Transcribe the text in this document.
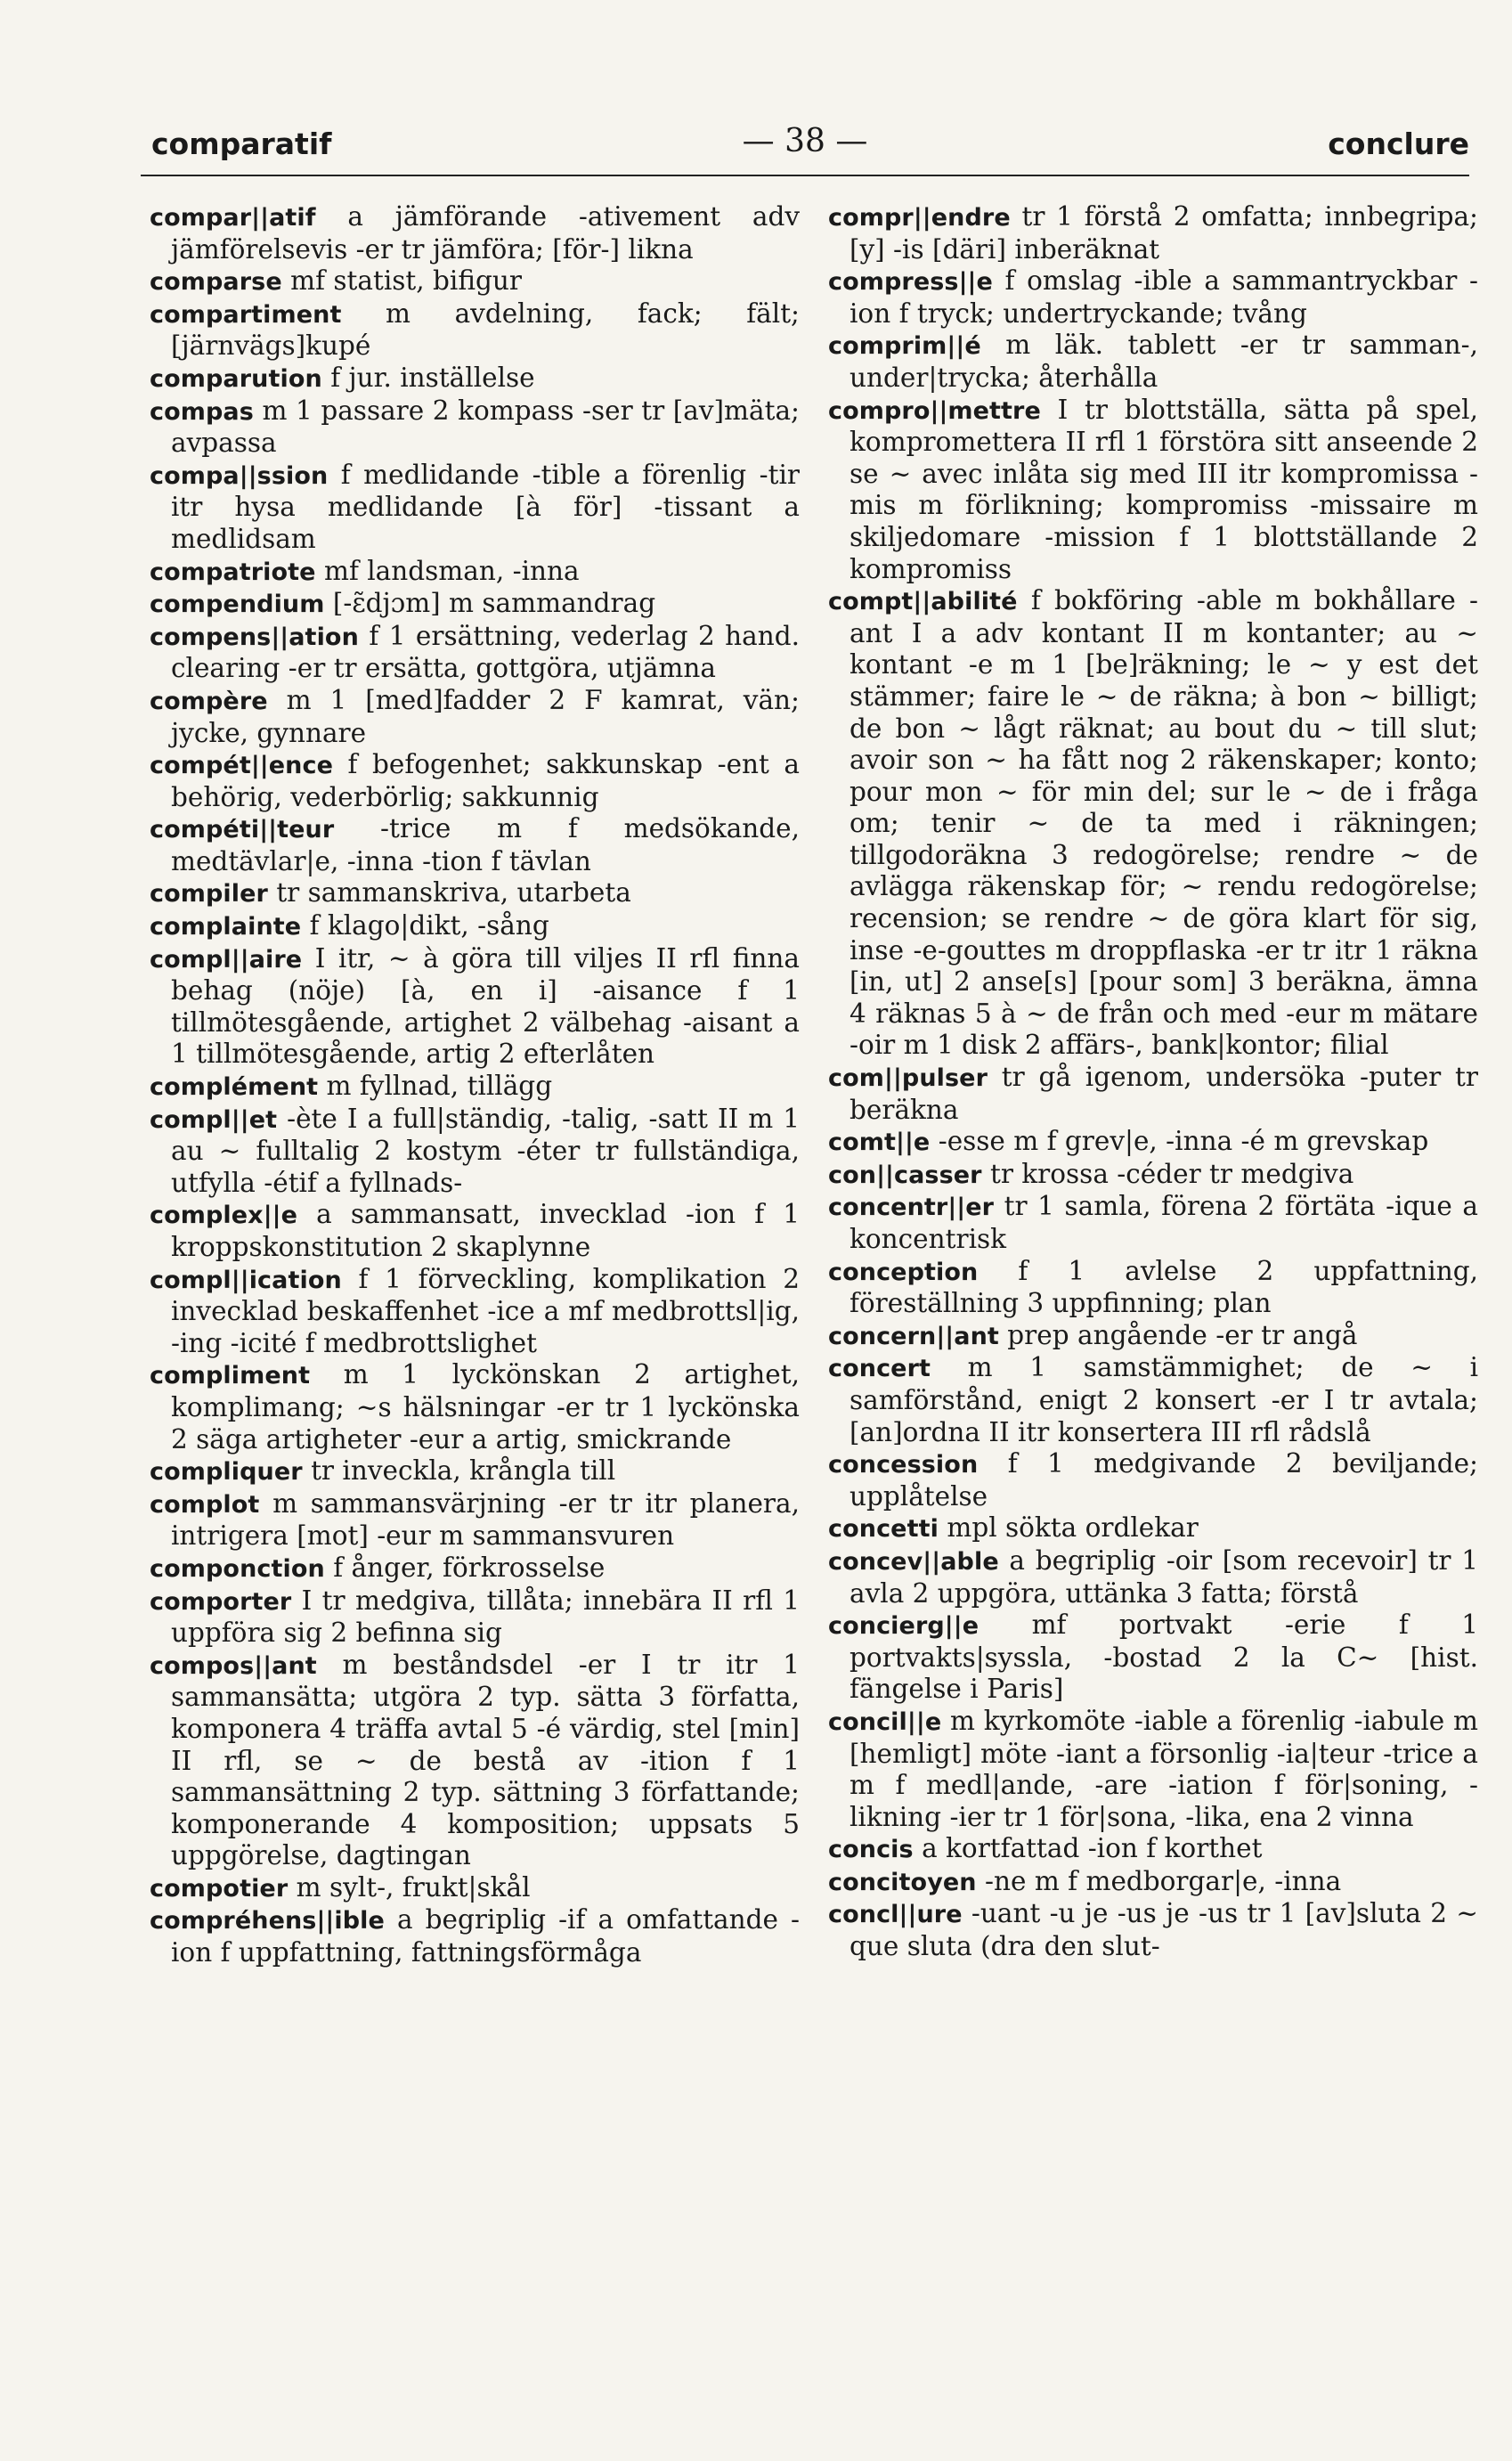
comparatif	— 38 —	conclure

compar||atif a jämförande -ativement adv jämförelsevis -er tr jämföra; [för-] likna

comparse mf statist, bifigur

compartiment m avdelning, fack; fält; [järnvägs]kupé

comparution f jur. inställelse

compas m 1 passare 2 kompass -ser tr [av]mäta; avpassa

compa||ssion f medlidande -tible a förenlig -tir itr hysa medlidande [à för] -tissant a medlidsam

compatriote mf landsman, -inna

compendium [-ɛ̃djɔm] m sammandrag

compens||ation f 1 ersättning, vederlag 2 hand. clearing -er tr ersätta, gottgöra, utjämna

compère m 1 [med]fadder 2 F kamrat, vän; jycke, gynnare

compét||ence f befogenhet; sakkunskap -ent a behörig, vederbörlig; sakkunnig

compéti||teur -trice m f medsökande, medtävlar|e, -inna -tion f tävlan

compiler tr sammanskriva, utarbeta

complainte f klago|dikt, -sång

compl||aire I itr, ~ à göra till viljes II rfl finna behag (nöje) [à, en i] -aisance f 1 tillmötesgående, artighet 2 välbehag -aisant a 1 tillmötesgående, artig 2 efterlåten

complément m fyllnad, tillägg

compl||et -ète I a full|ständig, -talig, -satt II m 1 au ~ fulltalig 2 kostym -éter tr fullständiga, utfylla -étif a fyllnads-

complex||e a sammansatt, invecklad -ion f 1 kroppskonstitution 2 skaplynne

compl||ication f 1 förveckling, komplikation 2 invecklad beskaffenhet -ice a mf medbrottsl|ig, -ing -icité f medbrottslighet

compliment m 1 lyckönskan 2 artighet, komplimang; ~s hälsningar -er tr 1 lyckönska 2 säga artigheter -eur a artig, smickrande

compliquer tr inveckla, krångla till

complot m sammansvärjning -er tr itr planera, intrigera [mot] -eur m sammansvuren

componction f ånger, förkrosselse

comporter I tr medgiva, tillåta; innebära II rfl 1 uppföra sig 2 befinna sig

compos||ant m beståndsdel -er I tr itr 1 sammansätta; utgöra 2 typ. sätta 3 författa, komponera 4 träffa avtal 5 -é värdig, stel [min] II rfl, se ~ de bestå av -ition f 1 sammansättning 2 typ. sättning 3 författande; komponerande 4 komposition; uppsats 5 uppgörelse, dagtingan

compotier m sylt-, frukt|skål

compréhens||ible a begriplig -if a omfattande -ion f uppfattning, fattningsförmåga

compr||endre tr 1 förstå 2 omfatta; innbegripa; [y] -is [däri] inberäknat

compress||e f omslag -ible a sammantryckbar -ion f tryck; undertryckande; tvång

comprim||é m läk. tablett -er tr samman-, under|trycka; återhålla

compro||mettre I tr blottställa, sätta på spel, kompromettera II rfl 1 förstöra sitt anseende 2 se ~ avec inlåta sig med III itr kompromissa -mis m förlikning; kompromiss -missaire m skiljedomare -mission f 1 blottställande 2 kompromiss

compt||abilité f bokföring -able m bokhållare -ant I a adv kontant II m kontanter; au ~ kontant -e m 1 [be]räkning; le ~ y est det stämmer; faire le ~ de räkna; à bon ~ billigt; de bon ~ lågt räknat; au bout du ~ till slut; avoir son ~ ha fått nog 2 räkenskaper; konto; pour mon ~ för min del; sur le ~ de i fråga om; tenir ~ de ta med i räkningen; tillgodoräkna 3 redogörelse; rendre ~ de avlägga räkenskap för; ~ rendu redogörelse; recension; se rendre ~ de göra klart för sig, inse -e-gouttes m droppflaska -er tr itr 1 räkna [in, ut] 2 anse[s] [pour som] 3 beräkna, ämna 4 räknas 5 à ~ de från och med -eur m mätare -oir m 1 disk 2 affärs-, bank|kontor; filial

com||pulser tr gå igenom, undersöka -puter tr beräkna

comt||e -esse m f grev|e, -inna -é m grevskap

con||casser tr krossa -céder tr medgiva

concentr||er tr 1 samla, förena 2 förtäta -ique a koncentrisk

conception f 1 avlelse 2 uppfattning, föreställning 3 uppfinning; plan

concern||ant prep angående -er tr angå

concert m 1 samstämmighet; de ~ i samförstånd, enigt 2 konsert -er I tr avtala; [an]ordna II itr konsertera III rfl rådslå

concession f 1 medgivande 2 beviljande; upplåtelse

concetti mpl sökta ordlekar

concev||able a begriplig -oir [som recevoir] tr 1 avla 2 uppgöra, uttänka 3 fatta; förstå

concierg||e mf portvakt -erie f 1 portvakts|syssla, -bostad 2 la C~ [hist. fängelse i Paris]

concil||e m kyrkomöte -iable a förenlig -iabule m [hemligt] möte -iant a försonlig -ia|teur -trice a m f medl|ande, -are -iation f för|soning, -likning -ier tr 1 för|sona, -lika, ena 2 vinna

concis a kortfattad -ion f korthet

concitoyen -ne m f medborgar|e, -inna

concl||ure -uant -u je -us je -us tr 1 [av]sluta 2 ~ que sluta (dra den slut-
